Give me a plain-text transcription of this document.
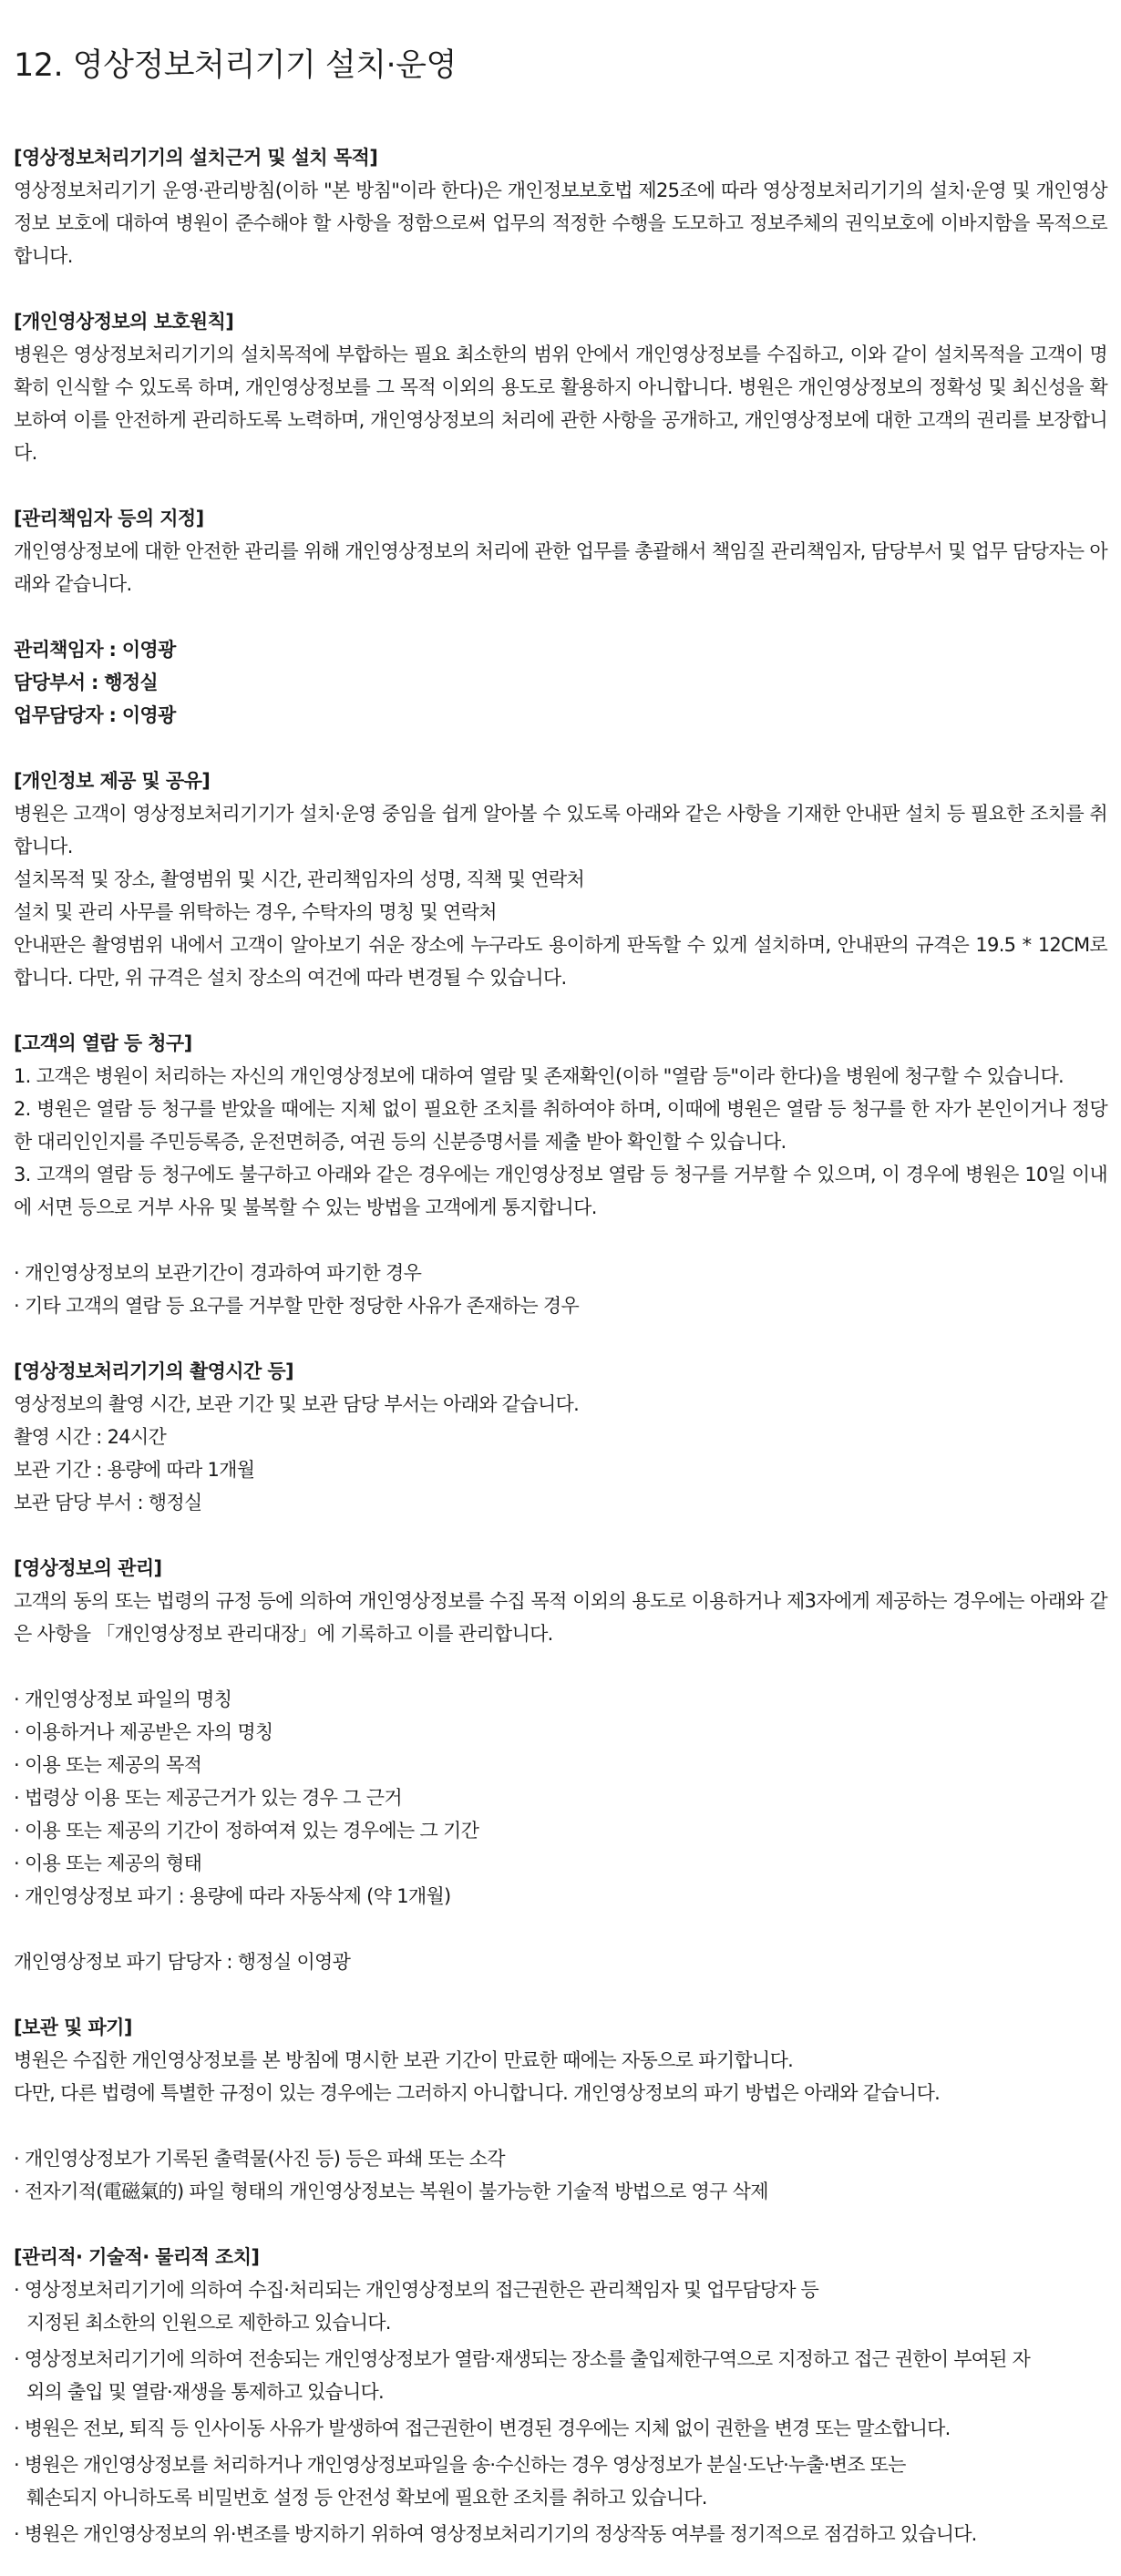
12. 영상정보처리기기 설치·운영
[영상정보처리기기의 설치근거 및 설치 목적]

영상정보처리기기 운영·관리방침(이하 "본 방침"이라 한다)은 개인정보보호법 제25조에 따라 영상정보처리기기의 설치·운영 및 개인영상정보 보호에 대하여 병원이 준수해야 할 사항을 정함으로써 업무의 적정한 수행을 도모하고 정보주체의 권익보호에 이바지함을 목적으로 합니다.

[개인영상정보의 보호원칙]

병원은 영상정보처리기기의 설치목적에 부합하는 필요 최소한의 범위 안에서 개인영상정보를 수집하고, 이와 같이 설치목적을 고객이 명확히 인식할 수 있도록 하며, 개인영상정보를 그 목적 이외의 용도로 활용하지 아니합니다. 병원은 개인영상정보의 정확성 및 최신성을 확보하여 이를 안전하게 관리하도록 노력하며, 개인영상정보의 처리에 관한 사항을 공개하고, 개인영상정보에 대한 고객의 권리를 보장합니다.

[관리책임자 등의 지정]

개인영상정보에 대한 안전한 관리를 위해 개인영상정보의 처리에 관한 업무를 총괄해서 책임질 관리책임자, 담당부서 및 업무 담당자는 아래와 같습니다.

관리책임자 : 이영광
담당부서 : 행정실
업무담당자 : 이영광
[개인정보 제공 및 공유]

병원은 고객이 영상정보처리기기가 설치·운영 중임을 쉽게 알아볼 수 있도록 아래와 같은 사항을 기재한 안내판 설치 등 필요한 조치를 취합니다.

설치목적 및 장소, 촬영범위 및 시간, 관리책임자의 성명, 직책 및 연락처
설치 및 관리 사무를 위탁하는 경우, 수탁자의 명칭 및 연락처

안내판은 촬영범위 내에서 고객이 알아보기 쉬운 장소에 누구라도 용이하게 판독할 수 있게 설치하며, 안내판의 규격은 19.5 * 12CM로 합니다. 다만, 위 규격은 설치 장소의 여건에 따라 변경될 수 있습니다.

[고객의 열람 등 청구]

1. 고객은 병원이 처리하는 자신의 개인영상정보에 대하여 열람 및 존재확인(이하 "열람 등"이라 한다)을 병원에 청구할 수 있습니다.

2. 병원은 열람 등 청구를 받았을 때에는 지체 없이 필요한 조치를 취하여야 하며, 이때에 병원은 열람 등 청구를 한 자가 본인이거나 정당한 대리인인지를 주민등록증, 운전면허증, 여권 등의 신분증명서를 제출 받아 확인할 수 있습니다.

3. 고객의 열람 등 청구에도 불구하고 아래와 같은 경우에는 개인영상정보 열람 등 청구를 거부할 수 있으며, 이 경우에 병원은 10일 이내에 서면 등으로 거부 사유 및 불복할 수 있는 방법을 고객에게 통지합니다.

· 개인영상정보의 보관기간이 경과하여 파기한 경우
· 기타 고객의 열람 등 요구를 거부할 만한 정당한 사유가 존재하는 경우
[영상정보처리기기의 촬영시간 등]
영상정보의 촬영 시간, 보관 기간 및 보관 담당 부서는 아래와 같습니다.
촬영 시간 : 24시간
보관 기간 : 용량에 따라 1개월
보관 담당 부서 : 행정실
[영상정보의 관리]

고객의 동의 또는 법령의 규정 등에 의하여 개인영상정보를 수집 목적 이외의 용도로 이용하거나 제3자에게 제공하는 경우에는 아래와 같은 사항을 「개인영상정보 관리대장」에 기록하고 이를 관리합니다.

· 개인영상정보 파일의 명칭
· 이용하거나 제공받은 자의 명칭
· 이용 또는 제공의 목적
· 법령상 이용 또는 제공근거가 있는 경우 그 근거
· 이용 또는 제공의 기간이 정하여져 있는 경우에는 그 기간
· 이용 또는 제공의 형태
· 개인영상정보 파기 : 용량에 따라 자동삭제 (약 1개월)
개인영상정보 파기 담당자 : 행정실 이영광
[보관 및 파기]
병원은 수집한 개인영상정보를 본 방침에 명시한 보관 기간이 만료한 때에는 자동으로 파기합니다.
다만, 다른 법령에 특별한 규정이 있는 경우에는 그러하지 아니합니다. 개인영상정보의 파기 방법은 아래와 같습니다.
· 개인영상정보가 기록된 출력물(사진 등) 등은 파쇄 또는 소각
· 전자기적(電磁氣的) 파일 형태의 개인영상정보는 복원이 불가능한 기술적 방법으로 영구 삭제
[관리적· 기술적· 물리적 조치]
· 영상정보처리기기에 의하여 수집·처리되는 개인영상정보의 접근권한은 관리책임자 및 업무담당자 등
지정된 최소한의 인원으로 제한하고 있습니다.
· 영상정보처리기기에 의하여 전송되는 개인영상정보가 열람·재생되는 장소를 출입제한구역으로 지정하고 접근 권한이 부여된 자
외의 출입 및 열람·재생을 통제하고 있습니다.
· 병원은 전보, 퇴직 등 인사이동 사유가 발생하여 접근권한이 변경된 경우에는 지체 없이 권한을 변경 또는 말소합니다.
· 병원은 개인영상정보를 처리하거나 개인영상정보파일을 송·수신하는 경우 영상정보가 분실·도난·누출·변조 또는
훼손되지 아니하도록 비밀번호 설정 등 안전성 확보에 필요한 조치를 취하고 있습니다.
· 병원은 개인영상정보의 위·변조를 방지하기 위하여 영상정보처리기기의 정상작동 여부를 정기적으로 점검하고 있습니다.
